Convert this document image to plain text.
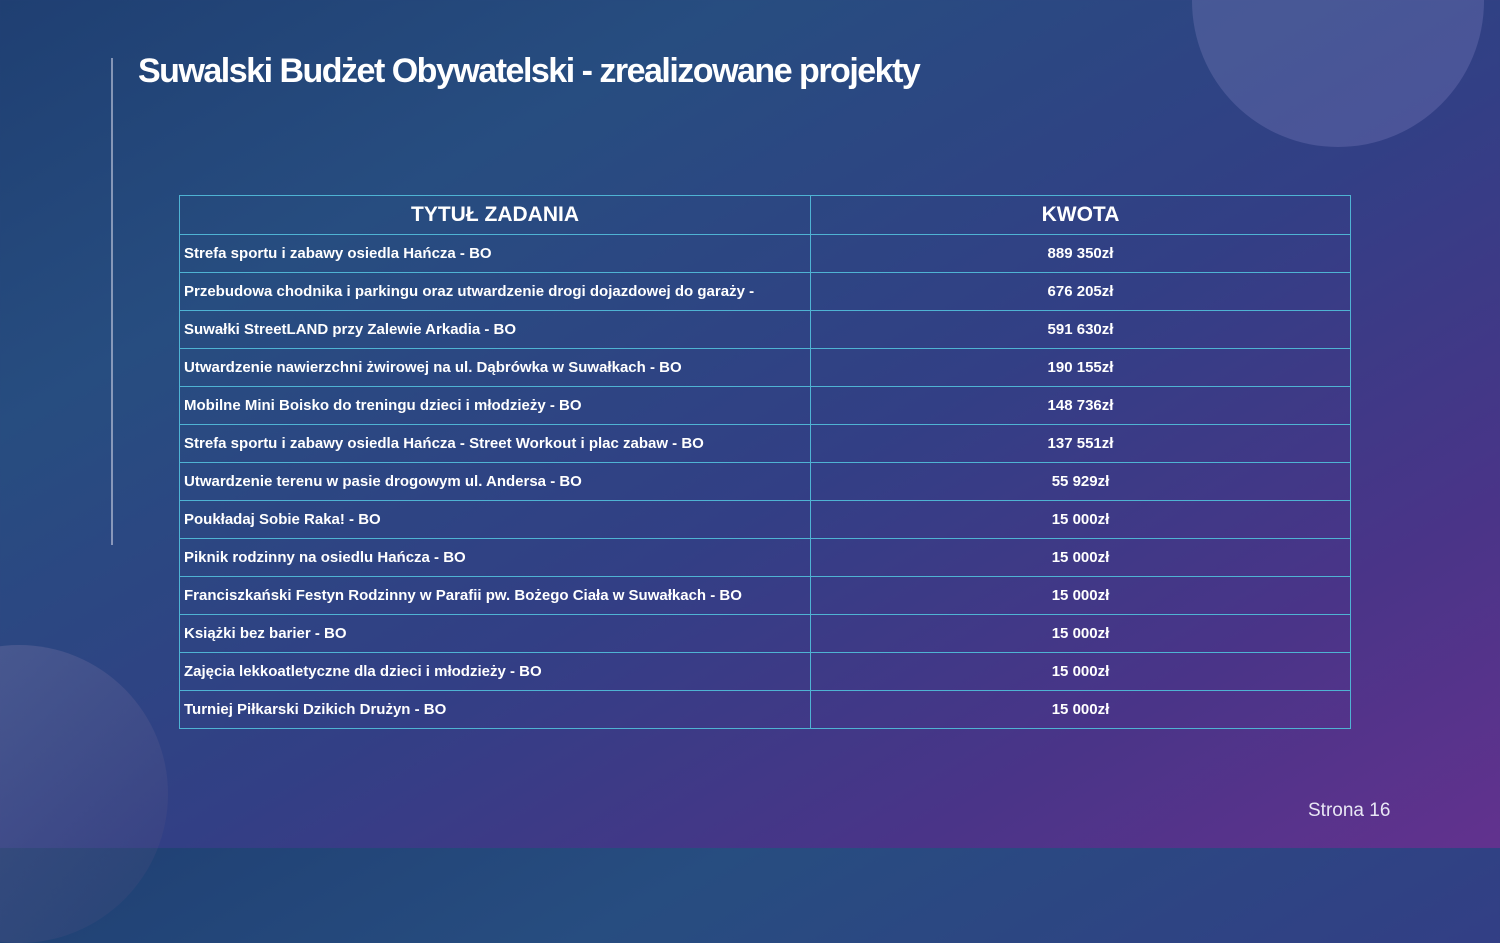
Suwalski Budżet Obywatelski - zrealizowane projekty
TYTUŁ ZADANIA	KWOTA
Strefa sportu i zabawy osiedla Hańcza - BO	889 350zł
Przebudowa chodnika i parkingu oraz utwardzenie drogi dojazdowej do garaży -	676 205zł
Suwałki StreetLAND przy Zalewie Arkadia - BO	591 630zł
Utwardzenie nawierzchni żwirowej na ul. Dąbrówka w Suwałkach - BO	190 155zł
Mobilne Mini Boisko do treningu dzieci i młodzieży - BO	148 736zł
Strefa sportu i zabawy osiedla Hańcza - Street Workout i plac zabaw - BO	137 551zł
Utwardzenie terenu w pasie drogowym ul. Andersa - BO	55 929zł
Poukładaj Sobie Raka! - BO	15 000zł
Piknik rodzinny na osiedlu Hańcza - BO	15 000zł
Franciszkański Festyn Rodzinny w Parafii pw. Bożego Ciała w Suwałkach - BO	15 000zł
Książki bez barier - BO	15 000zł
Zajęcia lekkoatletyczne dla dzieci i młodzieży - BO	15 000zł
Turniej Piłkarski Dzikich Drużyn - BO	15 000zł
Strona 16
